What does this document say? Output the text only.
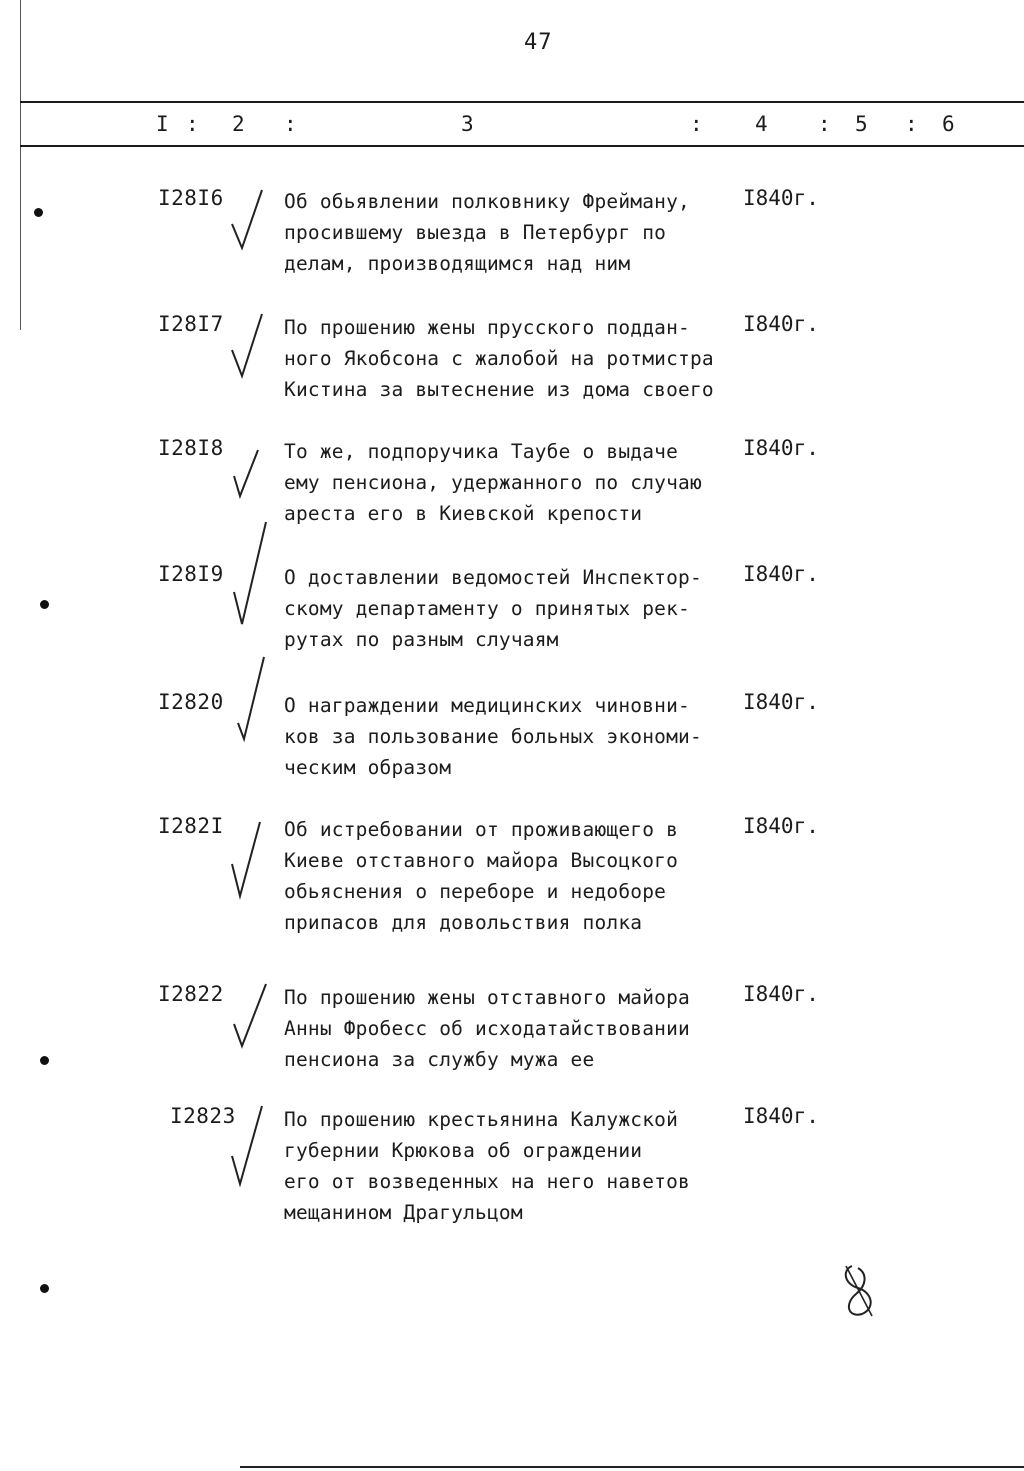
47
I : 2 :	3	: 4 : 5 : 6
I28I6	Об обьявлении полковнику Фрейману,
просившему выезда в Петербург по
делам, производящимся над ним
I840г.
I28I7	По прошению жены прусского поддан-
ного Якобсона с жалобой на ротмистра
Кистина за вытеснение из дома своего
I840г.
I28I8	То же, подпоручика Таубе о выдаче
ему пенсиона, удержанного по случаю
ареста его в Киевской крепости
I840г.
I28I9	О доставлении ведомостей Инспектор-
скому департаменту о принятых рек-
рутах по разным случаям
I840г.
I2820	О награждении медицинских чиновни-
ков за пользование больных экономи-
ческим образом
I840г.
I282I	Об истребовании от проживающего в
Киеве отставного майора Высоцкого
обьяснения о переборе и недоборе
припасов для довольствия полка
I840г.
I2822	По прошению жены отставного майора
Анны Фробесс об исходатайствовании
пенсиона за службу мужа ее
I840г.
I2823 По прошению крестьянина Калужской
губернии Крюкова об ограждении
его от возведенных на него наветов
мещанином Драгульцом
I840г.
